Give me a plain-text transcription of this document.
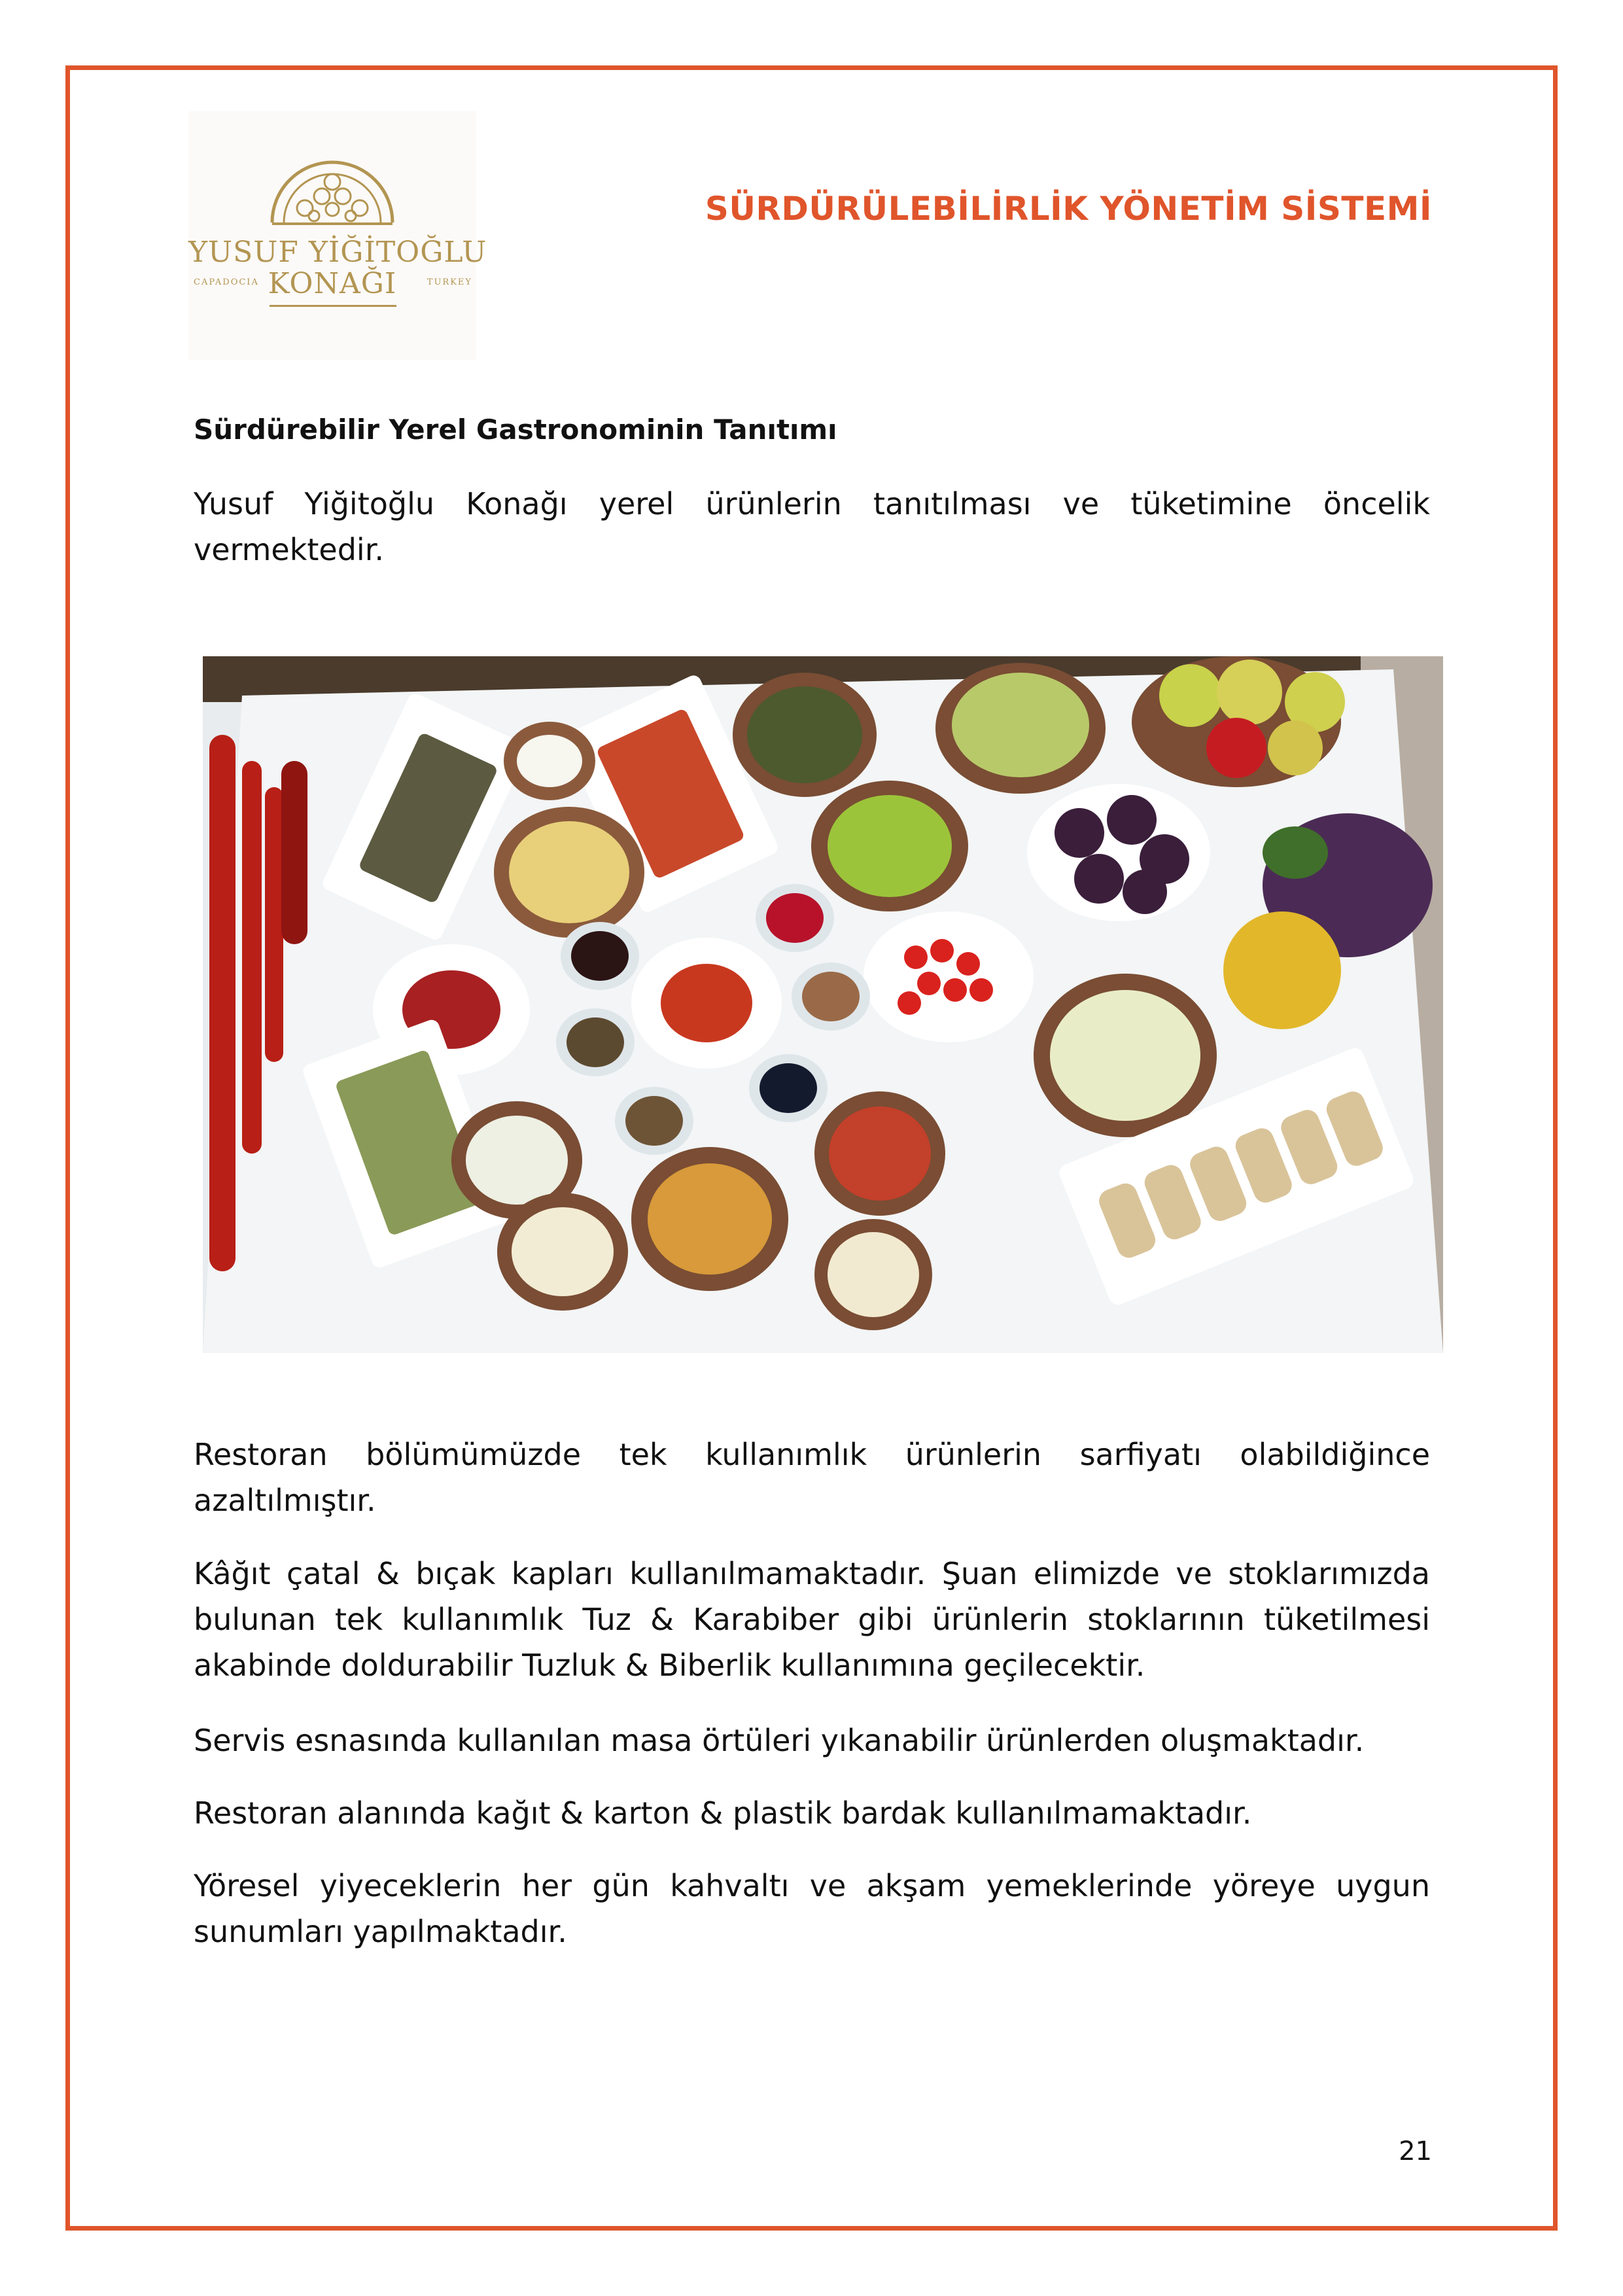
YUSUF YİĞİTOĞLU
CAPADOCIA KONAĞI	TURKEY
SÜRDÜRÜLEBİLİRLİK YÖNETİM SİSTEMİ
Sürdürebilir Yerel Gastronominin Tanıtımı
Yusuf Yiğitoğlu Konağı yerel ürünlerin tanıtılması ve tüketimine öncelik vermektedir.
Restoran bölümümüzde tek kullanımlık ürünlerin sarfiyatı olabildiğince azaltılmıştır.
Kâğıt çatal & bıçak kapları kullanılmamaktadır. Şuan elimizde ve stoklarımızda bulunan tek kullanımlık Tuz & Karabiber gibi ürünlerin stoklarının tüketilmesi akabinde doldurabilir Tuzluk & Biberlik kullanımına geçilecektir.
Servis esnasında kullanılan masa örtüleri yıkanabilir ürünlerden oluşmaktadır.
Restoran alanında kağıt & karton & plastik bardak kullanılmamaktadır.
Yöresel yiyeceklerin her gün kahvaltı ve akşam yemeklerinde yöreye uygun sunumları yapılmaktadır.
21
